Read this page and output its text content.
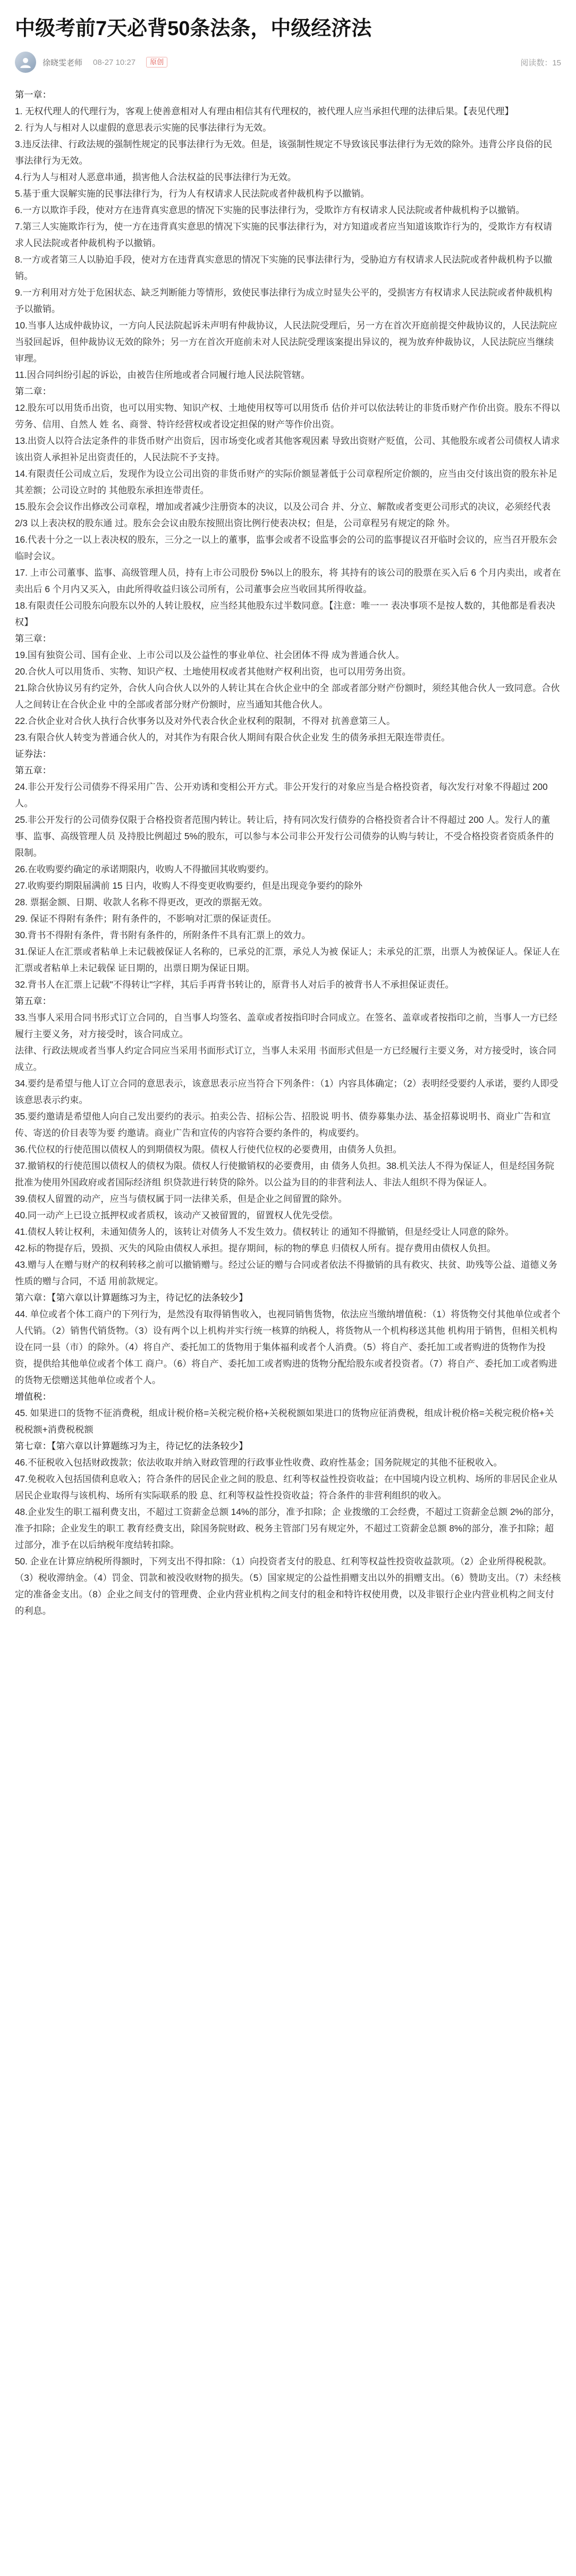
中级考前7天必背50条法条，中级经济法
徐晓雯老师 08-27 10:27	原创	阅读数：15

第一章：

1. 无权代理人的代理行为，客观上使善意相对人有理由相信其有代理权的，被代理人应当承担代理的法律后果。【表见代理】

2. 行为人与相对人以虚假的意思表示实施的民事法律行为无效。

3.违反法律、行政法规的强制性规定的民事法律行为无效。但是，该强制性规定不导致该民事法律行为无效的除外。违背公序良俗的民事法律行为无效。

4.行为人与相对人恶意串通，损害他人合法权益的民事法律行为无效。

5.基于重大误解实施的民事法律行为，行为人有权请求人民法院或者仲裁机构予以撤销。

6.一方以欺诈手段，使对方在违背真实意思的情况下实施的民事法律行为，受欺诈方有权请求人民法院或者仲裁机构予以撤销。

7.第三人实施欺诈行为，使一方在违背真实意思的情况下实施的民事法律行为，对方知道或者应当知道该欺诈行为的，受欺诈方有权请求人民法院或者仲裁机构予以撤销。

8.一方或者第三人以胁迫手段，使对方在违背真实意思的情况下实施的民事法律行为，受胁迫方有权请求人民法院或者仲裁机构予以撤销。

9.一方利用对方处于危困状态、缺乏判断能力等情形，致使民事法律行为成立时显失公平的，受损害方有权请求人民法院或者仲裁机构予以撤销。

10.当事人达成仲裁协议，一方向人民法院起诉未声明有仲裁协议，人民法院受理后，另一方在首次开庭前提交仲裁协议的，人民法院应当驳回起诉，但仲裁协议无效的除外；另一方在首次开庭前未对人民法院受理该案提出异议的，视为放弃仲裁协议，人民法院应当继续审理。

11.因合同纠纷引起的诉讼，由被告住所地或者合同履行地人民法院管辖。

第二章：

12.股东可以用货币出资，也可以用实物、知识产权、土地使用权等可以用货币 估价并可以依法转让的非货币财产作价出资。股东不得以劳务、信用、自然人 姓 名、商誉、特许经营权或者设定担保的财产等作价出资。

13.出资人以符合法定条件的非货币财产出资后，因市场变化或者其他客观因素 导致出资财产贬值，公司、其他股东或者公司债权人请求该出资人承担补足出资责任的，人民法院不予支持。

14.有限责任公司成立后，发现作为设立公司出资的非货币财产的实际价额显著低于公司章程所定价额的，应当由交付该出资的股东补足其差额；公司设立时的 其他股东承担连带责任。

15.股东会会议作出修改公司章程，增加或者减少注册资本的决议，以及公司合 并、分立、解散或者变更公司形式的决议，必须经代表 2/3 以上表决权的股东通 过。股东会会议由股东按照出资比例行使表决权；但是，公司章程另有规定的除 外。

16.代表十分之一以上表决权的股东，三分之一以上的董事，监事会或者不设监事会的公司的监事提议召开临时会议的，应当召开股东会临时会议。

17. 上市公司董事、监事、高级管理人员，持有上市公司股份 5%以上的股东，将 其持有的该公司的股票在买入后 6 个月内卖出，或者在卖出后 6 个月内又买入，由此所得收益归该公司所有，公司董事会应当收回其所得收益。

18.有限责任公司股东向股东以外的人转让股权，应当经其他股东过半数同意。【注意：唯一一 表决事项不是按人数的，其他都是看表决权】

第三章：

19.国有独资公司、国有企业、上市公司以及公益性的事业单位、社会团体不得 成为普通合伙人。

20.合伙人可以用货币、实物、知识产权、土地使用权或者其他财产权利出资，也可以用劳务出资。

21.除合伙协议另有约定外，合伙人向合伙人以外的人转让其在合伙企业中的全 部或者部分财产份额时，须经其他合伙人一致同意。合伙人之间转让在合伙企业 中的全部或者部分财产份额时，应当通知其他合伙人。

22.合伙企业对合伙人执行合伙事务以及对外代表合伙企业权利的限制，不得对 抗善意第三人。

23.有限合伙人转变为普通合伙人的，对其作为有限合伙人期间有限合伙企业发 生的债务承担无限连带责任。

证券法：

第五章：

24.非公开发行公司债券不得采用广告、公开劝诱和变相公开方式。非公开发行的对象应当是合格投资者，每次发行对象不得超过 200 人。

25.非公开发行的公司债券仅限于合格投资者范围内转让。转让后，持有同次发行债券的合格投资者合计不得超过 200 人。发行人的董事、监事、高级管理人员 及持股比例超过 5%的股东，可以参与本公司非公开发行公司债券的认购与转让，不受合格投资者资质条件的限制。

26.在收购要约确定的承诺期限内，收购人不得撤回其收购要约。

27.收购要约期限届满前 15 日内，收购人不得变更收购要约，但是出现竞争要约的除外

28. 票据金额、日期、收款人名称不得更改，更改的票据无效。

29. 保证不得附有条件；附有条件的，不影响对汇票的保证责任。

30.背书不得附有条件，背书附有条件的，所附条件不具有汇票上的效力。

31.保证人在汇票或者粘单上未记载被保证人名称的，已承兑的汇票，承兑人为被 保证人；未承兑的汇票，出票人为被保证人。保证人在汇票或者粘单上未记载保 证日期的，出票日期为保证日期。

32.背书人在汇票上记载"不得转让"字样，其后手再背书转让的，原背书人对后手的被背书人不承担保证责任。

第五章：

33.当事人采用合同书形式订立合同的，自当事人均签名、盖章或者按指印时合同成立。在签名、盖章或者按指印之前，当事人一方已经履行主要义务，对方接受时，该合同成立。

法律、行政法规或者当事人约定合同应当采用书面形式订立，当事人未采用 书面形式但是一方已经履行主要义务，对方接受时，该合同成立。

34.要约是希望与他人订立合同的意思表示，该意思表示应当符合下列条件：（1）内容具体确定；（2）表明经受要约人承诺，要约人即受该意思表示约束。

35.要约邀请是希望他人向自己发出要约的表示。拍卖公告、招标公告、招股说 明书、债券募集办法、基金招募说明书、商业广告和宣传、寄送的价目表等为要 约邀请。商业广告和宣传的内容符合要约条件的，构成要约。

36.代位权的行使范围以债权人的到期债权为限。债权人行使代位权的必要费用，由债务人负担。

37.撤销权的行使范围以债权人的债权为限。债权人行使撤销权的必要费用，由 债务人负担。38.机关法人不得为保证人，但是经国务院批准为使用外国政府或者国际经济组 织贷款进行转贷的除外。以公益为目的的非营利法人、非法人组织不得为保证人。

39.债权人留置的动产，应当与债权属于同一法律关系，但是企业之间留置的除外。

40.同一动产上已设立抵押权或者质权，该动产又被留置的，留置权人优先受偿。

41.债权人转让权利，未通知债务人的，该转让对债务人不发生效力。债权转让 的通知不得撤销，但是经受让人同意的除外。

42.标的物提存后，毁损、灭失的风险由债权人承担。提存期间，标的物的孳息 归债权人所有。提存费用由债权人负担。

43.赠与人在赠与财产的权利转移之前可以撤销赠与。经过公证的赠与合同或者依法不得撤销的具有救灾、扶贫、助残等公益、道德义务性质的赠与合同，不适 用前款规定。

第六章：【第六章以计算题练习为主，待记忆的法条较少】

44. 单位或者个体工商户的下列行为，是然没有取得销售收入，也视同销售货物，依法应当缴纳增值税：（1）将货物交付其他单位或者个人代销。（2）销售代销货物。（3）设有两个以上机构并实行统一核算的纳税人，将货物从一个机构移送其他 机构用于销售，但相关机构设在同一县（市）的除外。（4）将自产、委托加工的货物用于集体福利或者个人消费。（5）将自产、委托加工或者购进的货物作为投资，提供给其他单位或者个体工 商户。（6）将自产、委托加工或者购进的货物分配给股东或者投资者。（7）将自产、委托加工或者购进的货物无偿赠送其他单位或者个人。

增值税：

45. 如果进口的货物不征消费税，组成计税价格=关税完税价格+关税税额如果进口的货物应征消费税，组成计税价格=关税完税价格+关税税额+消费税税额

第七章：【第六章以计算题练习为主，待记忆的法条较少】

46.不征税收入包括财政拨款；依法收取并纳入财政管理的行政事业性收费、政府性基金；国务院规定的其他不征税收入。

47.免税收入包括国债利息收入；符合条件的居民企业之间的股息、红利等权益性投资收益；在中国境内设立机构、场所的非居民企业从居民企业取得与该机构、场所有实际联系的股 息、红利等权益性投资收益；符合条件的非营利组织的收入。

48.企业发生的职工福利费支出，不超过工资薪金总额 14%的部分，准予扣除；企 业拨缴的工会经费，不超过工资薪金总额 2%的部分，准予扣除；企业发生的职工 教育经费支出，除国务院财政、税务主管部门另有规定外，不超过工资薪金总额 8%的部分，准予扣除；超过部分，准予在以后纳税年度结转扣除。

50. 企业在计算应纳税所得额时，下列支出不得扣除：（1）向投资者支付的股息、红利等权益性投资收益款项。（2）企业所得税税款。（3）税收滞纳金。（4）罚金、罚款和被没收财物的损失。（5）国家规定的公益性捐赠支出以外的捐赠支出。（6）赞助支出。（7）未经核定的准备金支出。（8）企业之间支付的管理费、企业内营业机构之间支付的租金和特许权使用费，以及非银行企业内营业机构之间支付的利息。
